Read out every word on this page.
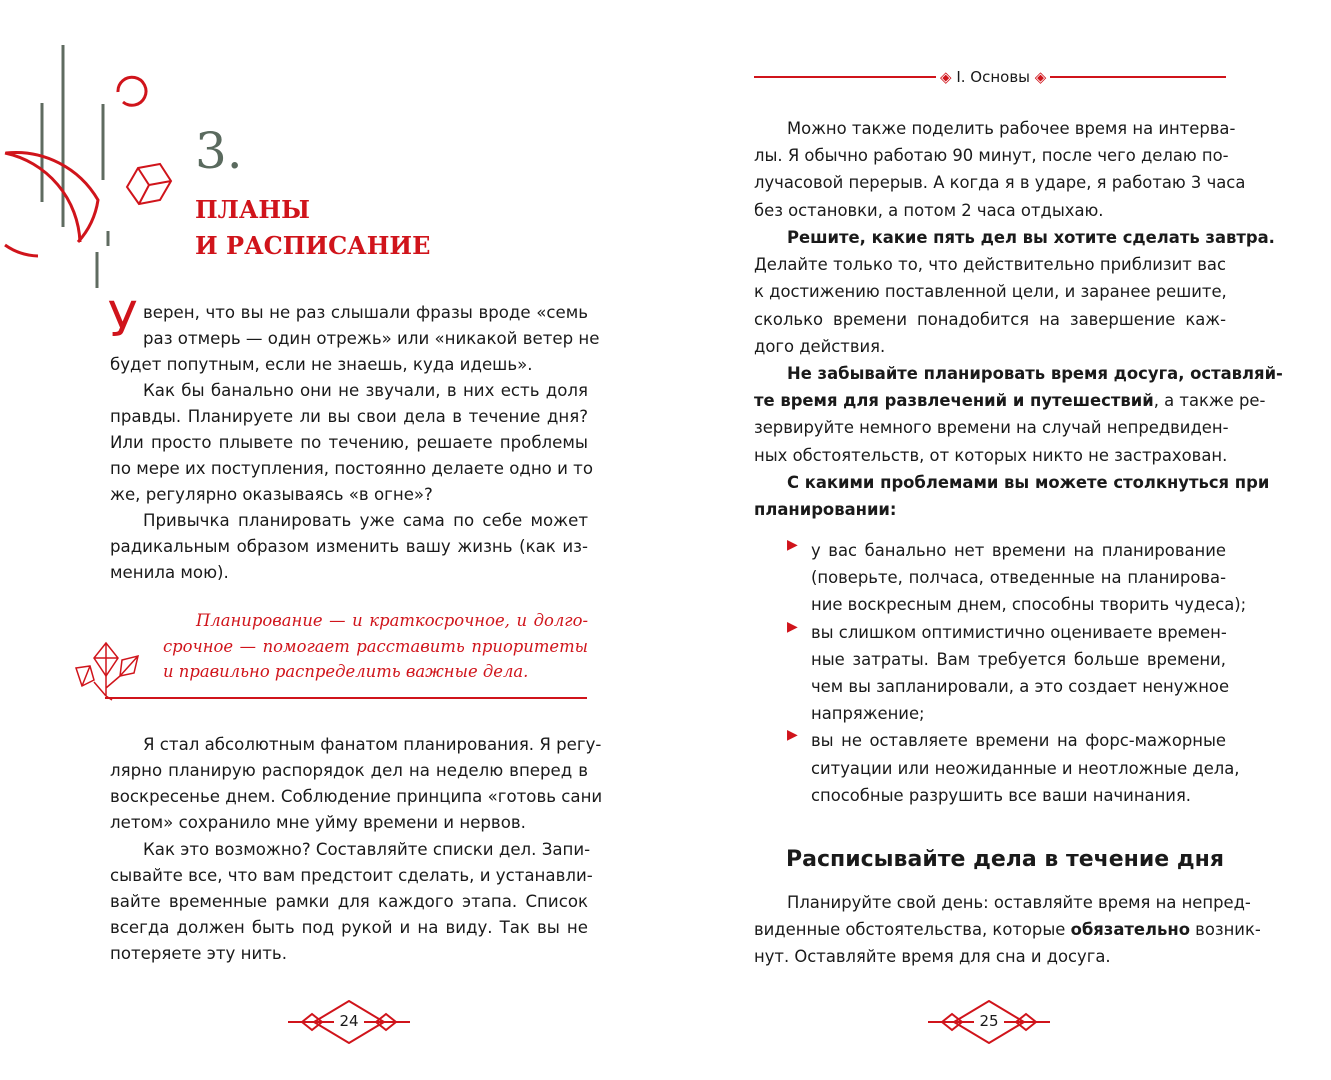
3.
ПЛАНЫ
И РАСПИСАНИЕ
У верен, что вы не раз слышали фразы вроде «семь
раз отмерь — один отрежь» или «никакой ветер не
будет попутным, если не знаешь, куда идешь».
Как бы банально они не звучали, в них есть доля
правды. Планируете ли вы свои дела в течение дня?
Или просто плывете по течению, решаете проблемы
по мере их поступления, постоянно делаете одно и то
же, регулярно оказываясь «в огне»?
Привычка планировать уже сама по себе может
радикальным образом изменить вашу жизнь (как из-
менила мою).
Планирование — и краткосрочное, и долго-
срочное — помогает расставить приоритеты
и правильно распределить важные дела.
Я стал абсолютным фанатом планирования. Я регу-
лярно планирую распорядок дел на неделю вперед в
воскресенье днем. Соблюдение принципа «готовь сани
летом» сохранило мне уйму времени и нервов.
Как это возможно? Составляйте списки дел. Запи-
сывайте все, что вам предстоит сделать, и устанавли-
вайте временные рамки для каждого этапа. Список
всегда должен быть под рукой и на виду. Так вы не
потеряете эту нить.
24	25
◈ I. Основы ◈
Можно также поделить рабочее время на интерва-
лы. Я обычно работаю 90 минут, после чего делаю по-
лучасовой перерыв. А когда я в ударе, я работаю 3 часа
без остановки, а потом 2 часа отдыхаю.
Решите, какие пять дел вы хотите сделать завтра.
Делайте только то, что действительно приблизит вас
к достижению поставленной цели, и заранее решите,
сколько времени понадобится на завершение каж-
дого действия.
Не забывайте планировать время досуга, оставляй-
те время для развлечений и путешествий, а также ре-
зервируйте немного времени на случай непредвиден-
ных обстоятельств, от которых никто не застрахован.
С какими проблемами вы можете столкнуться при
планировании:
▶ у вас банально нет времени на планирование
(поверьте, полчаса, отведенные на планирова-
ние воскресным днем, способны творить чудеса);
▶ вы слишком оптимистично оцениваете времен-
ные затраты. Вам требуется больше времени,
чем вы запланировали, а это создает ненужное
напряжение;
▶ вы не оставляете времени на форс-мажорные
ситуации или неожиданные и неотложные дела,
способные разрушить все ваши начинания.
Расписывайте дела в течение дня
Планируйте свой день: оставляйте время на непред-
виденные обстоятельства, которые обязательно возник-
нут. Оставляйте время для сна и досуга.
